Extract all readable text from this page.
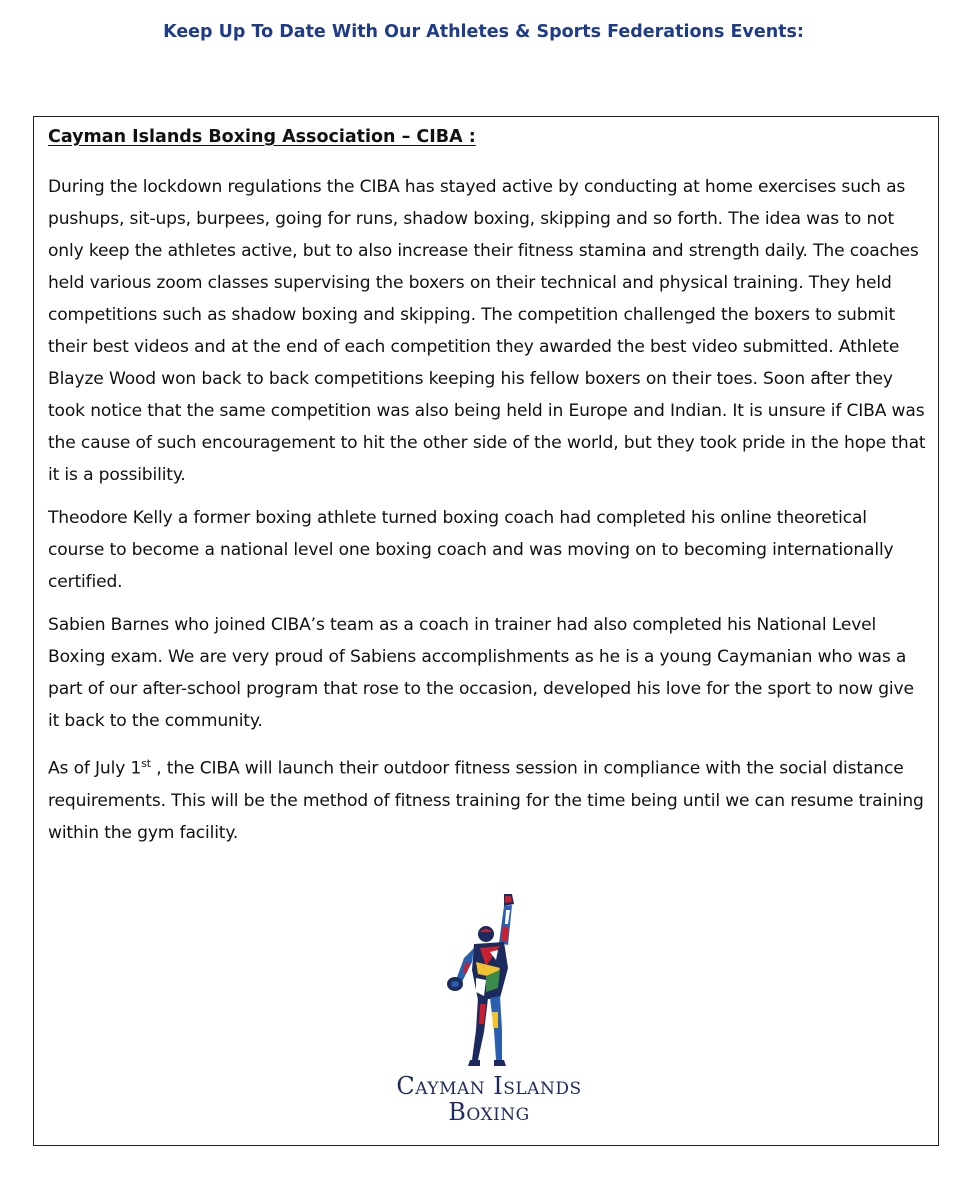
Keep Up To Date With Our Athletes & Sports Federations Events:
Cayman Islands Boxing Association – CIBA :

During the lockdown regulations the CIBA has stayed active by conducting at home exercises such as pushups, sit-ups, burpees, going for runs, shadow boxing, skipping and so forth. The idea was to not only keep the athletes active, but to also increase their fitness stamina and strength daily. The coaches held various zoom classes supervising the boxers on their technical and physical training. They held competitions such as shadow boxing and skipping. The competition challenged the boxers to submit their best videos and at the end of each competition they awarded the best video submitted. Athlete Blayze Wood won back to back competitions keeping his fellow boxers on their toes. Soon after they took notice that the same competition was also being held in Europe and Indian. It is unsure if CIBA was the cause of such encouragement to hit the other side of the world, but they took pride in the hope that it is a possibility.

Theodore Kelly a former boxing athlete turned boxing coach had completed his online theoretical course to become a national level one boxing coach and was moving on to becoming internationally certified.

Sabien Barnes who joined CIBA’s team as a coach in trainer had also completed his National Level Boxing exam. We are very proud of Sabiens accomplishments as he is a young Caymanian who was a part of our after-school program that rose to the occasion, developed his love for the sport to now give it back to the community.

As of July 1st , the CIBA will launch their outdoor fitness session in compliance with the social distance requirements. This will be the method of fitness training for the time being until we can resume training within the gym facility.

Cayman Islands
Boxing
